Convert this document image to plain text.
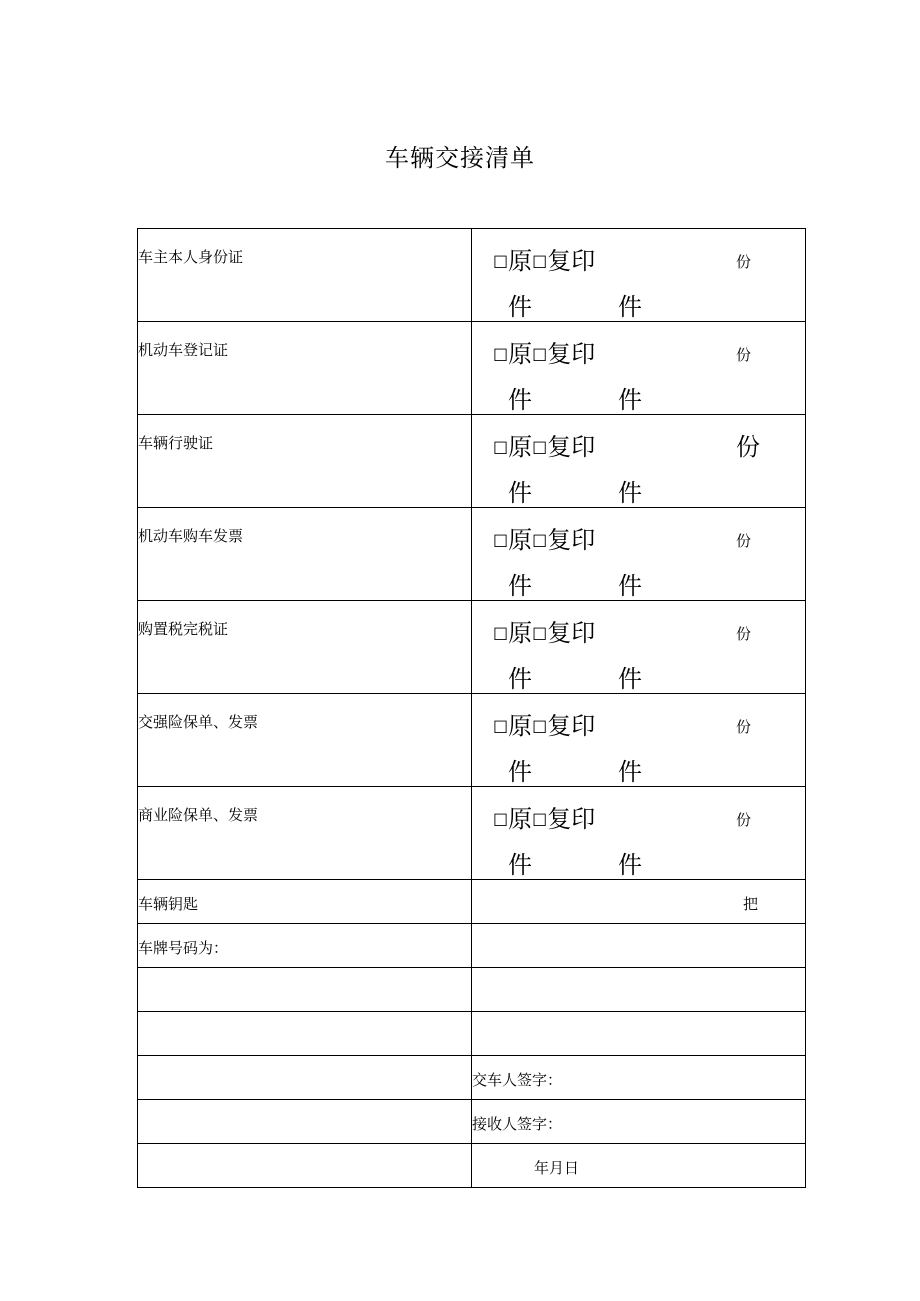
车辆交接清单
车主本人身份证	□原□复印
件 件
份

机动车登记证	□原□复印
件 件
份

车辆行驶证	□原□复印
件 件
份

机动车购车发票	□原□复印
件 件
份

购置税完税证	□原□复印
件 件
份

交强险保单、发票	□原□复印
件 件
份

商业险保单、发票	□原□复印
件 件
份

车辆钥匙	把

车牌号码为：	

	交车人签字：

	接收人签字：

	年月日
